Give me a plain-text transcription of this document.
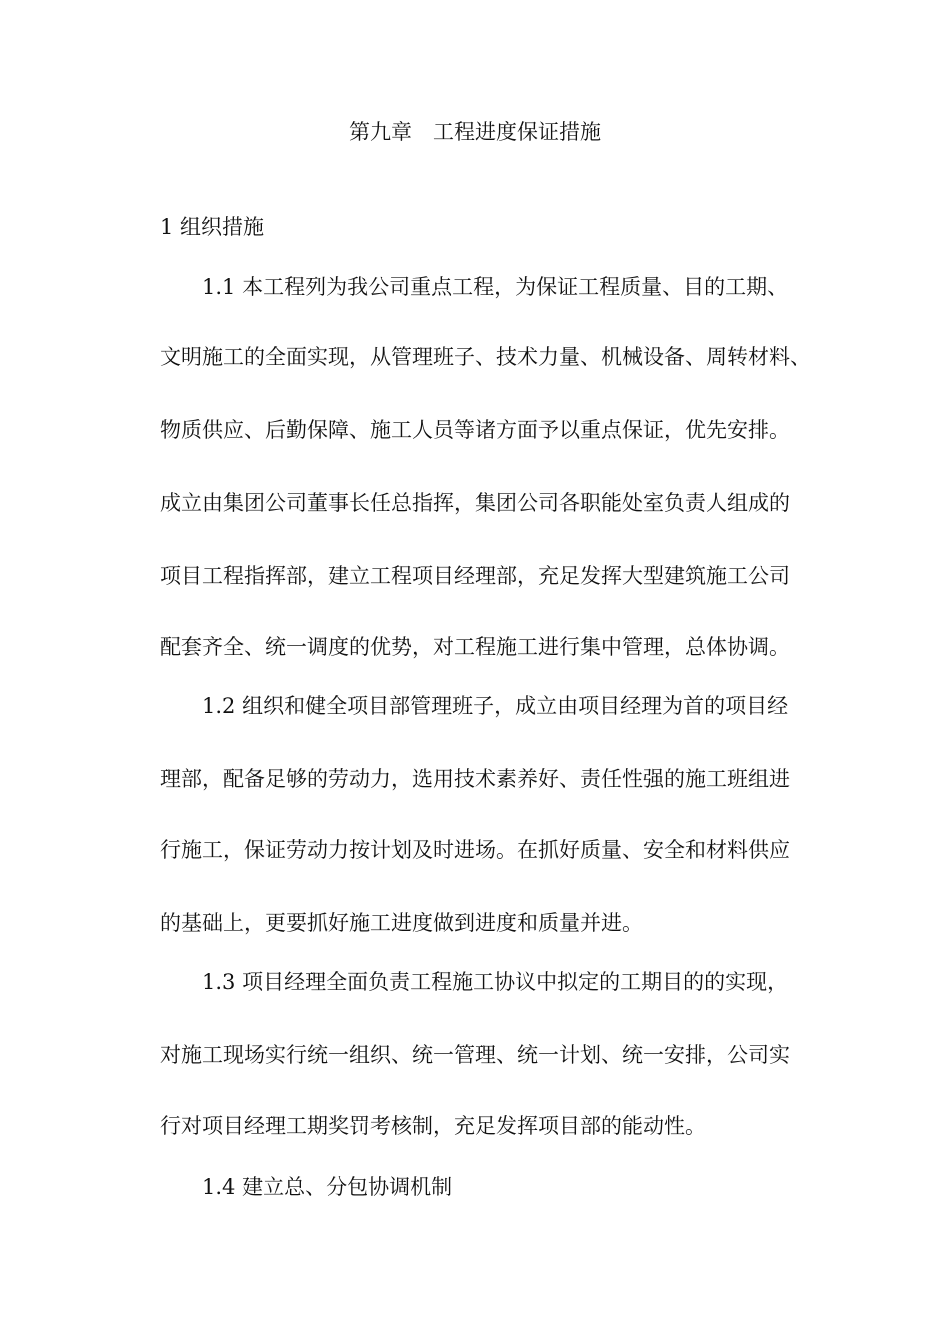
第九章　工程进度保证措施
1 组织措施
1.1 本工程列为我公司重点工程，为保证工程质量、目的工期、
文明施工的全面实现，从管理班子、技术力量、机械设备、周转材料、
物质供应、后勤保障、施工人员等诸方面予以重点保证，优先安排。
成立由集团公司董事长任总指挥，集团公司各职能处室负责人组成的
项目工程指挥部，建立工程项目经理部，充足发挥大型建筑施工公司
配套齐全、统一调度的优势，对工程施工进行集中管理，总体协调。
1.2 组织和健全项目部管理班子，成立由项目经理为首的项目经
理部，配备足够的劳动力，选用技术素养好、责任性强的施工班组进
行施工，保证劳动力按计划及时进场。在抓好质量、安全和材料供应
的基础上，更要抓好施工进度做到进度和质量并进。
1.3 项目经理全面负责工程施工协议中拟定的工期目的的实现，
对施工现场实行统一组织、统一管理、统一计划、统一安排，公司实
行对项目经理工期奖罚考核制，充足发挥项目部的能动性。
1.4 建立总、分包协调机制
